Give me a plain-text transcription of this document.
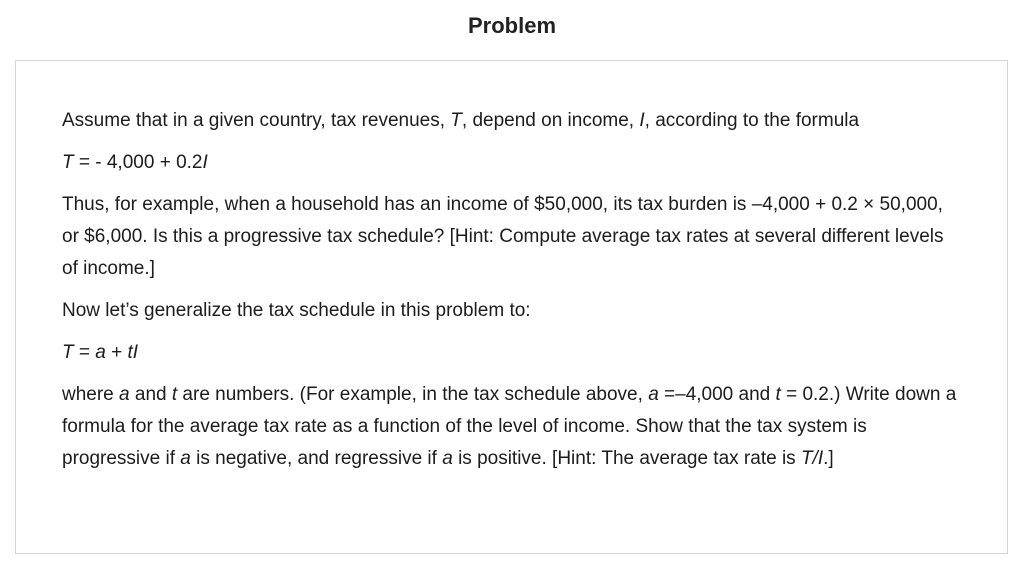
Problem

Assume that in a given country, tax revenues, T, depend on income, I, according to the formula

T = - 4,000 + 0.2I

Thus, for example, when a household has an income of $50,000, its tax burden is –4,000 + 0.2 × 50,000, or $6,000. Is this a progressive tax schedule? [Hint: Compute average tax rates at several different levels of income.]

Now let’s generalize the tax schedule in this problem to:

T = a + tI

where a and t are numbers. (For example, in the tax schedule above, a =–4,000 and t = 0.2.) Write down a formula for the average tax rate as a function of the level of income. Show that the tax system is progressive if a is negative, and regressive if a is positive. [Hint: The average tax rate is T/I.]
